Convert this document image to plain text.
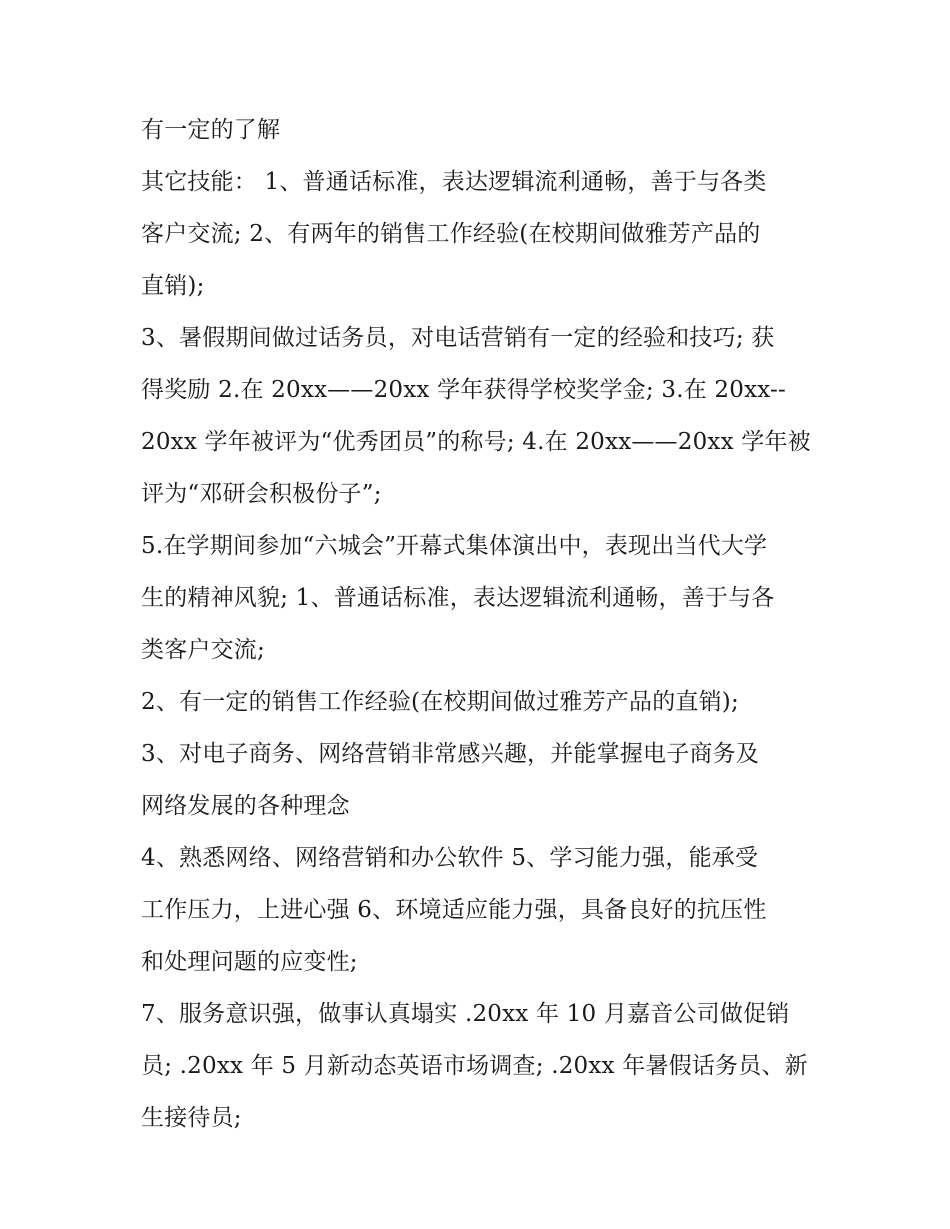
有一定的了解
其它技能： 1、普通话标准，表达逻辑流利通畅，善于与各类
客户交流; 2、有两年的销售工作经验(在校期间做雅芳产品的
直销);
3、暑假期间做过话务员，对电话营销有一定的经验和技巧; 获
得奖励 2.在 20xx——20xx 学年获得学校奖学金; 3.在 20xx--
20xx 学年被评为“优秀团员”的称号; 4.在 20xx——20xx 学年被
评为“邓研会积极份子”;
5.在学期间参加“六城会”开幕式集体演出中，表现出当代大学
生的精神风貌; 1、普通话标准，表达逻辑流利通畅，善于与各
类客户交流;
2、有一定的销售工作经验(在校期间做过雅芳产品的直销);
3、对电子商务、网络营销非常感兴趣，并能掌握电子商务及
网络发展的各种理念
4、熟悉网络、网络营销和办公软件 5、学习能力强，能承受
工作压力，上进心强 6、环境适应能力强，具备良好的抗压性
和处理问题的应变性;
7、服务意识强，做事认真塌实 .20xx 年 10 月嘉音公司做促销
员; .20xx 年 5 月新动态英语市场调查; .20xx 年暑假话务员、新
生接待员;
